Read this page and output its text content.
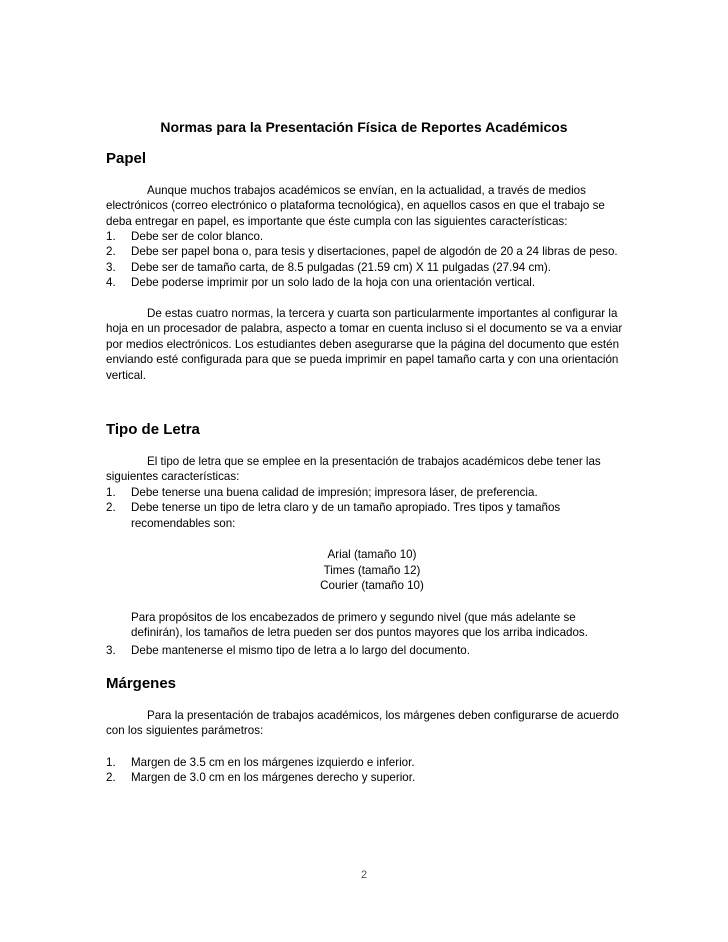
Normas para la Presentación Física de Reportes Académicos
Papel
Aunque muchos trabajos académicos se envían, en la actualidad, a través de medios electrónicos (correo electrónico o plataforma tecnológica), en aquellos casos en que el trabajo se deba entregar en papel, es importante que éste cumpla con las siguientes características:
1. Debe ser de color blanco.
2. Debe ser papel bona o, para tesis y disertaciones, papel de algodón de 20 a 24 libras de peso.
3. Debe ser de tamaño carta, de 8.5 pulgadas (21.59 cm) X 11 pulgadas (27.94 cm).
4. Debe poderse imprimir por un solo lado de la hoja con una orientación vertical.
De estas cuatro normas, la tercera y cuarta son particularmente importantes al configurar la hoja en un procesador de palabra, aspecto a tomar en cuenta incluso si el documento se va a enviar por medios electrónicos. Los estudiantes deben asegurarse que la página del documento que estén enviando esté configurada para que se pueda imprimir en papel tamaño carta y con una orientación vertical.
Tipo de Letra
El tipo de letra que se emplee en la presentación de trabajos académicos debe tener las siguientes características:
1. Debe tenerse una buena calidad de impresión; impresora láser, de preferencia.
2. Debe tenerse un tipo de letra claro y de un tamaño apropiado. Tres tipos y tamaños recomendables son:
Arial (tamaño 10)
Times (tamaño 12)
Courier (tamaño 10)
Para propósitos de los encabezados de primero y segundo nivel (que más adelante se definirán), los tamaños de letra pueden ser dos puntos mayores que los arriba indicados.
3. Debe mantenerse el mismo tipo de letra a lo largo del documento.
Márgenes
Para la presentación de trabajos académicos, los márgenes deben configurarse de acuerdo con los siguientes parámetros:
1. Margen de 3.5 cm en los márgenes izquierdo e inferior.
2. Margen de 3.0 cm en los márgenes derecho y superior.
2
